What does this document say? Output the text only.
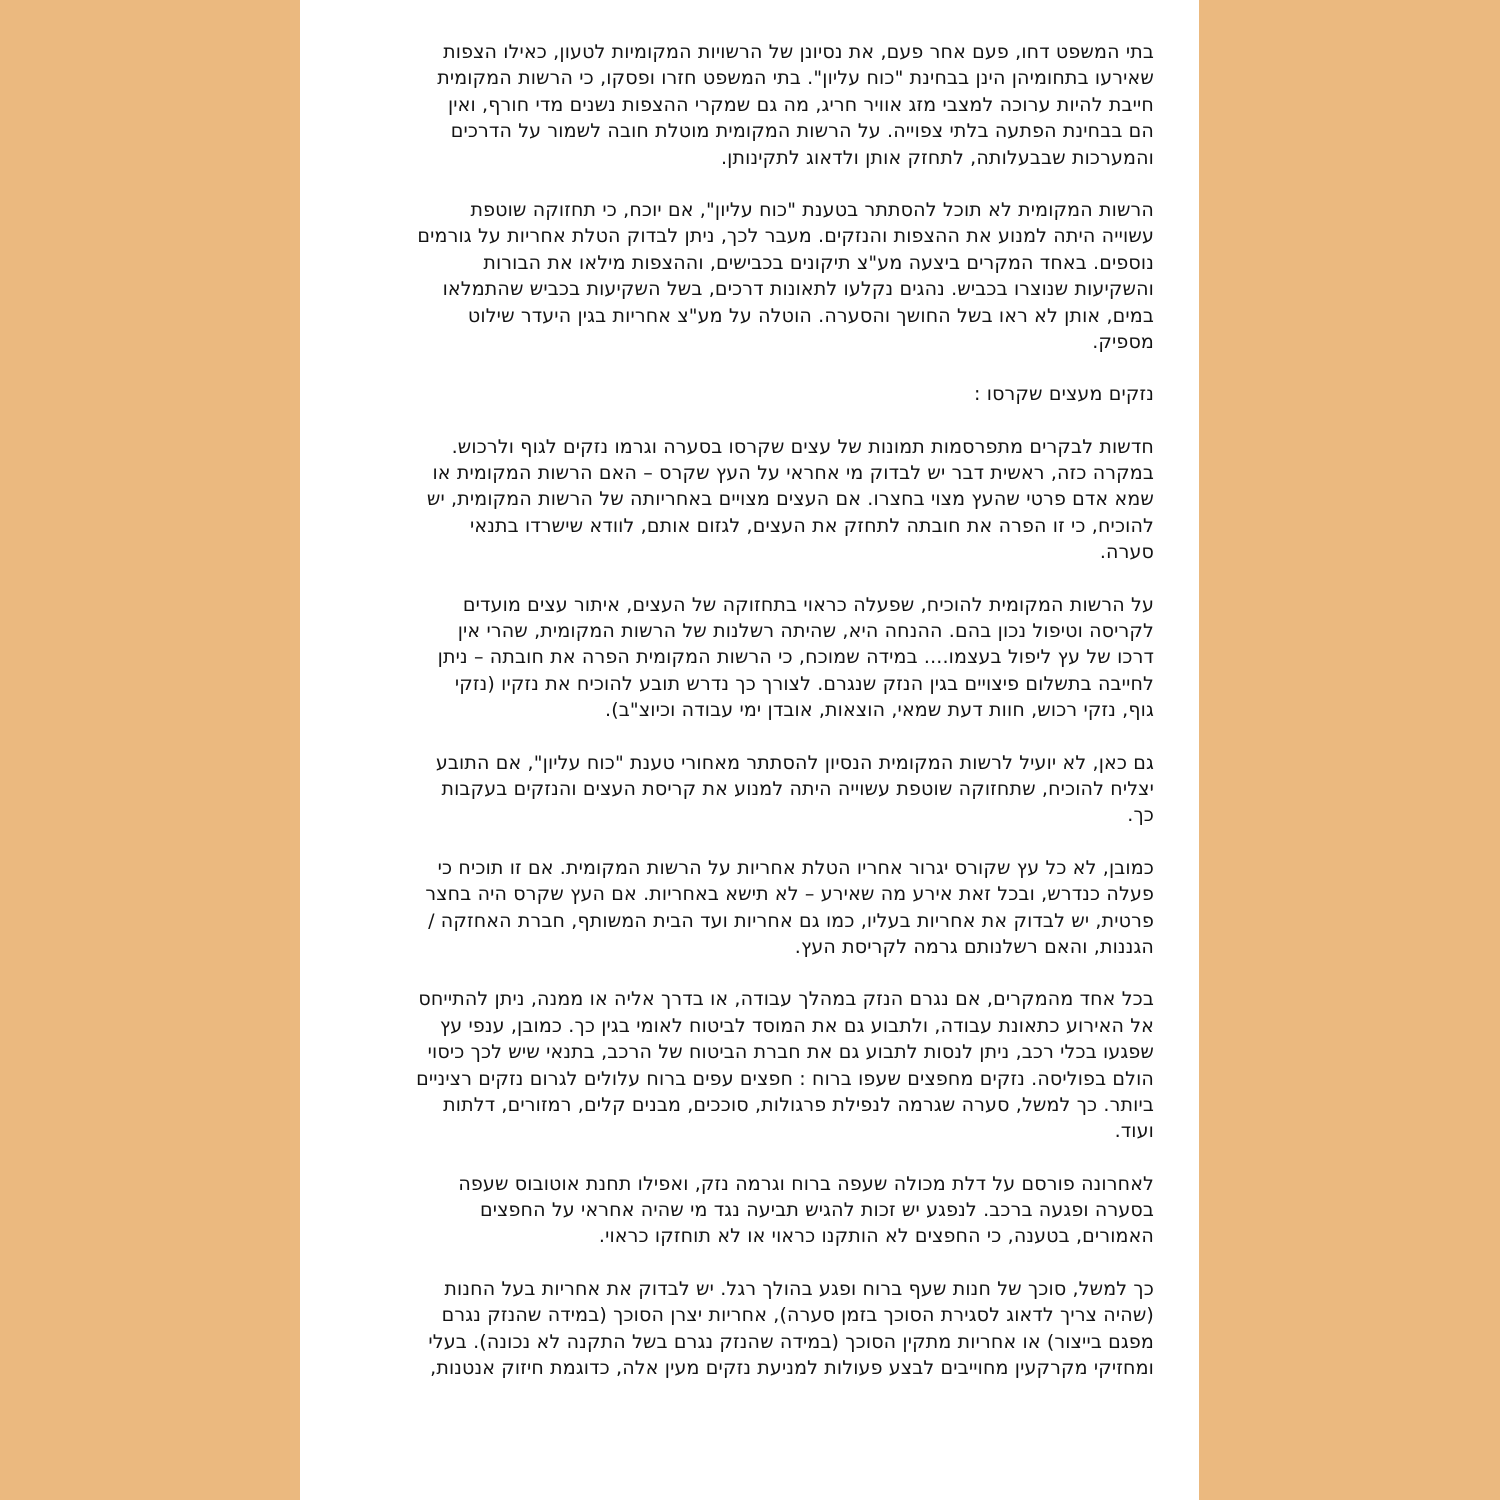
בתי המשפט דחו, פעם אחר פעם, את נסיונן של הרשויות המקומיות לטעון, כאילו הצפות
שאירעו בתחומיהן הינן בבחינת "כוח עליון". בתי המשפט חזרו ופסקו, כי הרשות המקומית
חייבת להיות ערוכה למצבי מזג אוויר חריג, מה גם שמקרי ההצפות נשנים מדי חורף, ואין
הם בבחינת הפתעה בלתי צפוייה. על הרשות המקומית מוטלת חובה לשמור על הדרכים
והמערכות שבבעלותה, לתחזק אותן ולדאוג לתקינותן.
הרשות המקומית לא תוכל להסתתר בטענת "כוח עליון", אם יוכח, כי תחזוקה שוטפת
עשוייה היתה למנוע את ההצפות והנזקים. מעבר לכך, ניתן לבדוק הטלת אחריות על גורמים
נוספים. באחד המקרים ביצעה מע"צ תיקונים בכבישים, וההצפות מילאו את הבורות
והשקיעות שנוצרו בכביש. נהגים נקלעו לתאונות דרכים, בשל השקיעות בכביש שהתמלאו
במים, אותן לא ראו בשל החושך והסערה. הוטלה על מע"צ אחריות בגין היעדר שילוט
מספיק.
נזקים מעצים שקרסו :
חדשות לבקרים מתפרסמות תמונות של עצים שקרסו בסערה וגרמו נזקים לגוף ולרכוש.
במקרה כזה, ראשית דבר יש לבדוק מי אחראי על העץ שקרס – האם הרשות המקומית או
שמא אדם פרטי שהעץ מצוי בחצרו. אם העצים מצויים באחריותה של הרשות המקומית, יש
להוכיח, כי זו הפרה את חובתה לתחזק את העצים, לגזום אותם, לוודא שישרדו בתנאי
סערה.
על הרשות המקומית להוכיח, שפעלה כראוי בתחזוקה של העצים, איתור עצים מועדים
לקריסה וטיפול נכון בהם. ההנחה היא, שהיתה רשלנות של הרשות המקומית, שהרי אין
דרכו של עץ ליפול בעצמו.... במידה שמוכח, כי הרשות המקומית הפרה את חובתה – ניתן
לחייבה בתשלום פיצויים בגין הנזק שנגרם. לצורך כך נדרש תובע להוכיח את נזקיו (נזקי
גוף, נזקי רכוש, חוות דעת שמאי, הוצאות, אובדן ימי עבודה וכיוצ"ב).
גם כאן, לא יועיל לרשות המקומית הנסיון להסתתר מאחורי טענת "כוח עליון", אם התובע
יצליח להוכיח, שתחזוקה שוטפת עשוייה היתה למנוע את קריסת העצים והנזקים בעקבות
כך.
כמובן, לא כל עץ שקורס יגרור אחריו הטלת אחריות על הרשות המקומית. אם זו תוכיח כי
פעלה כנדרש, ובכל זאת אירע מה שאירע – לא תישא באחריות. אם העץ שקרס היה בחצר
פרטית, יש לבדוק את אחריות בעליו, כמו גם אחריות ועד הבית המשותף, חברת האחזקה /
הגננות, והאם רשלנותם גרמה לקריסת העץ.
בכל אחד מהמקרים, אם נגרם הנזק במהלך עבודה, או בדרך אליה או ממנה, ניתן להתייחס
אל האירוע כתאונת עבודה, ולתבוע גם את המוסד לביטוח לאומי בגין כך. כמובן, ענפי עץ
שפגעו בכלי רכב, ניתן לנסות לתבוע גם את חברת הביטוח של הרכב, בתנאי שיש לכך כיסוי
הולם בפוליסה. נזקים מחפצים שעפו ברוח : חפצים עפים ברוח עלולים לגרום נזקים רציניים
ביותר. כך למשל, סערה שגרמה לנפילת פרגולות, סוככים, מבנים קלים, רמזורים, דלתות
ועוד.
לאחרונה פורסם על דלת מכולה שעפה ברוח וגרמה נזק, ואפילו תחנת אוטובוס שעפה
בסערה ופגעה ברכב. לנפגע יש זכות להגיש תביעה נגד מי שהיה אחראי על החפצים
האמורים, בטענה, כי החפצים לא הותקנו כראוי או לא תוחזקו כראוי.
כך למשל, סוכך של חנות שעף ברוח ופגע בהולך רגל. יש לבדוק את אחריות בעל החנות
(שהיה צריך לדאוג לסגירת הסוכך בזמן סערה), אחריות יצרן הסוכך (במידה שהנזק נגרם
מפגם בייצור) או אחריות מתקין הסוכך (במידה שהנזק נגרם בשל התקנה לא נכונה). בעלי
ומחזיקי מקרקעין מחוייבים לבצע פעולות למניעת נזקים מעין אלה, כדוגמת חיזוק אנטנות,
